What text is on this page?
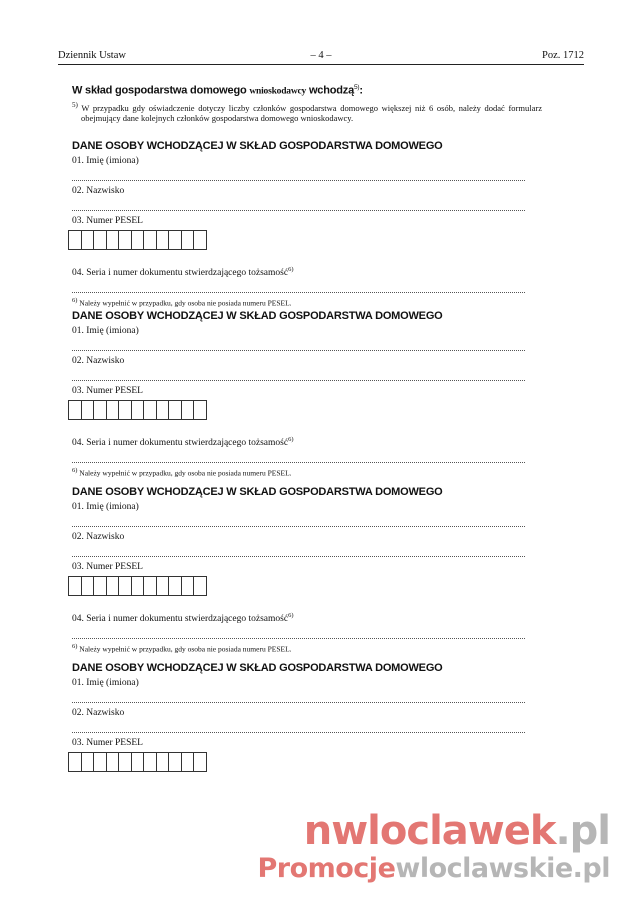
Dziennik Ustaw	– 4 –	Poz. 1712
W skład gospodarstwa domowego wnioskodawcy wchodzą$^{5)}$:
$^{5)}$ W przypadku gdy oświadczenie dotyczy liczby członków gospodarstwa domowego większej niż 6 osób, należy dodać formularz obejmujący dane kolejnych członków gospodarstwa domowego wnioskodawcy.
DANE OSOBY WCHODZĄCEJ W SKŁAD GOSPODARSTWA DOMOWEGO
01. Imię (imiona)
02. Nazwisko
03. Numer PESEL
04. Seria i numer dokumentu stwierdzającego tożsamość$^{6)}$
$^{6)}$ Należy wypełnić w przypadku, gdy osoba nie posiada numeru PESEL.
DANE OSOBY WCHODZĄCEJ W SKŁAD GOSPODARSTWA DOMOWEGO
01. Imię (imiona)
02. Nazwisko
03. Numer PESEL
04. Seria i numer dokumentu stwierdzającego tożsamość$^{6)}$
$^{6)}$ Należy wypełnić w przypadku, gdy osoba nie posiada numeru PESEL.
DANE OSOBY WCHODZĄCEJ W SKŁAD GOSPODARSTWA DOMOWEGO
01. Imię (imiona)
02. Nazwisko
03. Numer PESEL
04. Seria i numer dokumentu stwierdzającego tożsamość$^{6)}$
$^{6)}$ Należy wypełnić w przypadku, gdy osoba nie posiada numeru PESEL.
DANE OSOBY WCHODZĄCEJ W SKŁAD GOSPODARSTWA DOMOWEGO
01. Imię (imiona)
02. Nazwisko
03. Numer PESEL
nwloclawek.pl
Promocjewloclawskie.pl
